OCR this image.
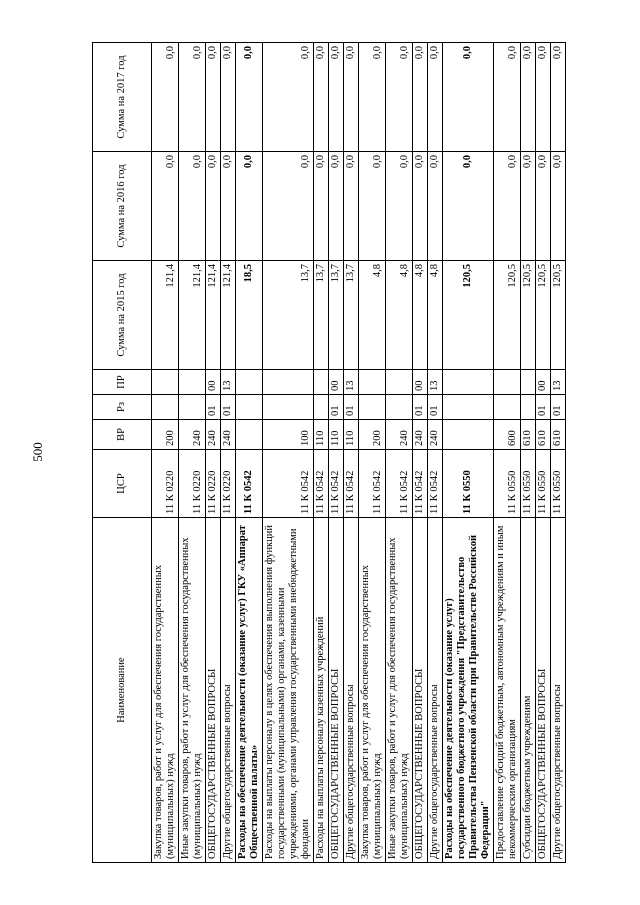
500
Наименование	ЦСР	ВР	Рз	ПР	Сумма на 2015 год	Сумма на 2016 год	Сумма на 2017 год
Закупка товаров, работ и услуг для обеспечения государственных (муниципальных) нужд	11 К 0220	200			121,4	0,0	0,0
Иные закупки товаров, работ и услуг для обеспечения государственных (муниципальных) нужд	11 К 0220	240			121,4	0,0	0,0
ОБЩЕГОСУДАРСТВЕННЫЕ ВОПРОСЫ	11 К 0220	240	01	00	121,4	0,0	0,0
Другие общегосударственные вопросы	11 К 0220	240	01	13	121,4	0,0	0,0
Расходы на обеспечение деятельности (оказание услуг) ГКУ «Аппарат Общественной палаты»	11 К 0542				18,5	0,0	0,0
Расходы на выплаты персоналу в целях обеспечения выполнения функций государственными (муниципальными) органами, казенными учреждениями, органами управления государственными внебюджетными фондами	11 К 0542	100			13,7	0,0	0,0
Расходы на выплаты персоналу казенных учреждений	11 К 0542	110			13,7	0,0	0,0
ОБЩЕГОСУДАРСТВЕННЫЕ ВОПРОСЫ	11 К 0542	110	01	00	13,7	0,0	0,0
Другие общегосударственные вопросы	11 К 0542	110	01	13	13,7	0,0	0,0
Закупка товаров, работ и услуг для обеспечения государственных (муниципальных) нужд	11 К 0542	200			4,8	0,0	0,0
Иные закупки товаров, работ и услуг для обеспечения государственных (муниципальных) нужд	11 К 0542	240			4,8	0,0	0,0
ОБЩЕГОСУДАРСТВЕННЫЕ ВОПРОСЫ	11 К 0542	240	01	00	4,8	0,0	0,0
Другие общегосударственные вопросы	11 К 0542	240	01	13	4,8	0,0	0,0
Расходы на обеспечение деятельности (оказание услуг) государственного бюджетного учреждения "Представительство Правительства Пензенской области при Правительстве Российской Федерации"	11 К 0550				120,5	0,0	0,0
Предоставление субсидий бюджетным, автономным учреждениям и иным некоммерческим организациям	11 К 0550	600			120,5	0,0	0,0
Субсидии бюджетным учреждениям	11 К 0550	610			120,5	0,0	0,0
ОБЩЕГОСУДАРСТВЕННЫЕ ВОПРОСЫ	11 К 0550	610	01	00	120,5	0,0	0,0
Другие общегосударственные вопросы	11 К 0550	610	01	13	120,5	0,0	0,0
